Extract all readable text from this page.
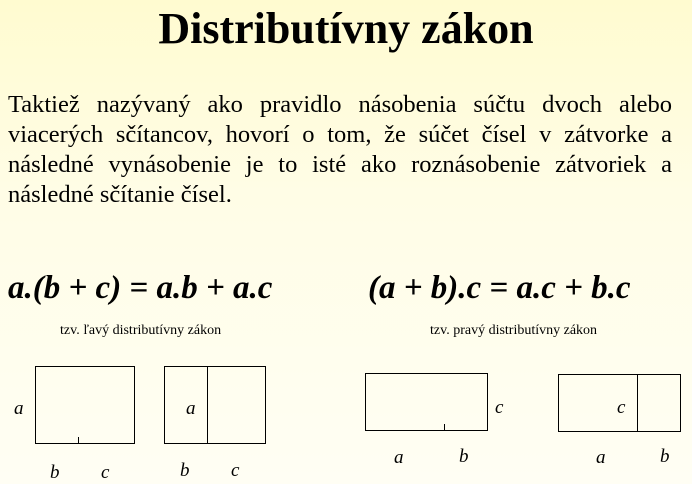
Distributívny zákon
Taktiež nazývaný ako pravidlo násobenia súčtu dvoch alebo viacerých sčítancov, hovorí o tom, že súčet čísel v zátvorke a následné vynásobenie je to isté ako roznásobenie zátvoriek a následné sčítanie čísel.
a.(b + c) = a.b + a.c	(a + b).c = a.c + b.c
tzv. ľavý distributívny zákon	tzv. pravý distributívny zákon
a
b c
a
b c
c
a	b
c
a	b
